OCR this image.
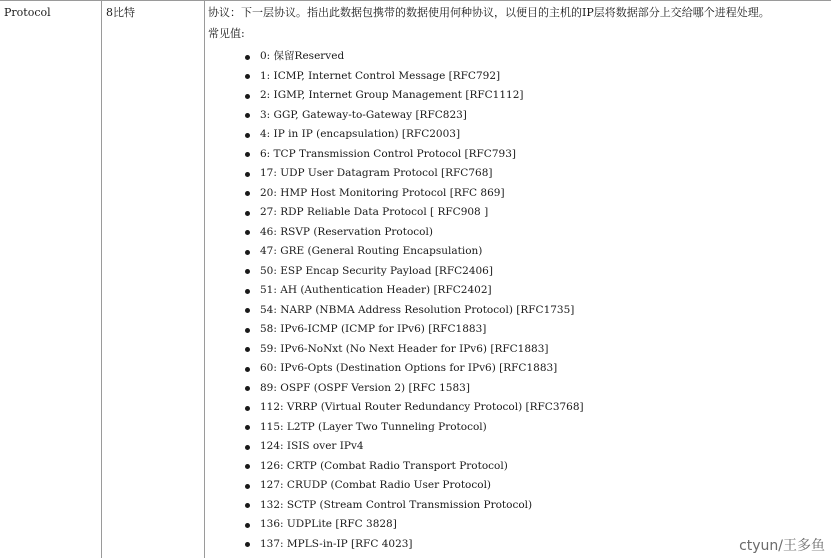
Protocol	8比特	协议：下一层协议。指出此数据包携带的数据使用何种协议，以便目的主机的IP层将数据部分上交给哪个进程处理。
常见值:
0: 保留Reserved
1: ICMP, Internet Control Message [RFC792]
2: IGMP, Internet Group Management [RFC1112]
3: GGP, Gateway-to-Gateway [RFC823]
4: IP in IP (encapsulation) [RFC2003]
6: TCP Transmission Control Protocol [RFC793]
17: UDP User Datagram Protocol [RFC768]
20: HMP Host Monitoring Protocol [RFC 869]
27: RDP Reliable Data Protocol [ RFC908 ]
46: RSVP (Reservation Protocol)
47: GRE (General Routing Encapsulation)
50: ESP Encap Security Payload [RFC2406]
51: AH (Authentication Header) [RFC2402]
54: NARP (NBMA Address Resolution Protocol) [RFC1735]
58: IPv6-ICMP (ICMP for IPv6) [RFC1883]
59: IPv6-NoNxt (No Next Header for IPv6) [RFC1883]
60: IPv6-Opts (Destination Options for IPv6) [RFC1883]
89: OSPF (OSPF Version 2) [RFC 1583]
112: VRRP (Virtual Router Redundancy Protocol) [RFC3768]
115: L2TP (Layer Two Tunneling Protocol)
124: ISIS over IPv4
126: CRTP (Combat Radio Transport Protocol)
127: CRUDP (Combat Radio User Protocol)
132: SCTP (Stream Control Transmission Protocol)
136: UDPLite [RFC 3828]
137: MPLS-in-IP [RFC 4023]	ctyun/王多鱼
